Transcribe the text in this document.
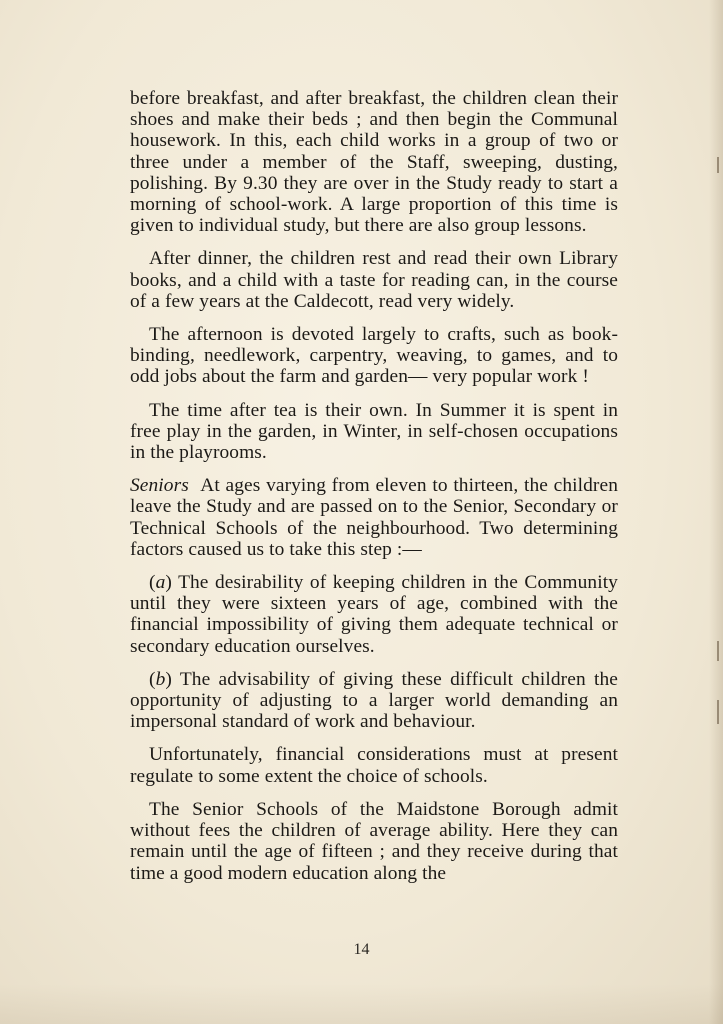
before breakfast, and after breakfast, the children clean their shoes and make their beds ; and then begin the Communal housework. In this, each child works in a group of two or three under a member of the Staff, sweeping, dusting, polishing. By 9.30 they are over in the Study ready to start a morning of school-work. A large proportion of this time is given to individual study, but there are also group lessons.

After dinner, the children rest and read their own Library books, and a child with a taste for reading can, in the course of a few years at the Caldecott, read very widely.

The afternoon is devoted largely to crafts, such as book-binding, needlework, carpentry, weaving, to games, and to odd jobs about the farm and garden— very popular work !

The time after tea is their own. In Summer it is spent in free play in the garden, in Winter, in self-chosen occupations in the playrooms.

Seniors At ages varying from eleven to thirteen, the children leave the Study and are passed on to the Senior, Secondary or Technical Schools of the neighbourhood. Two determining factors caused us to take this step :—

(a) The desirability of keeping children in the Community until they were sixteen years of age, combined with the financial impossibility of giving them adequate technical or secondary education ourselves.

(b) The advisability of giving these difficult children the opportunity of adjusting to a larger world demanding an impersonal standard of work and behaviour.

Unfortunately, financial considerations must at present regulate to some extent the choice of schools.

The Senior Schools of the Maidstone Borough admit without fees the children of average ability. Here they can remain until the age of fifteen ; and they receive during that time a good modern education along the

14
